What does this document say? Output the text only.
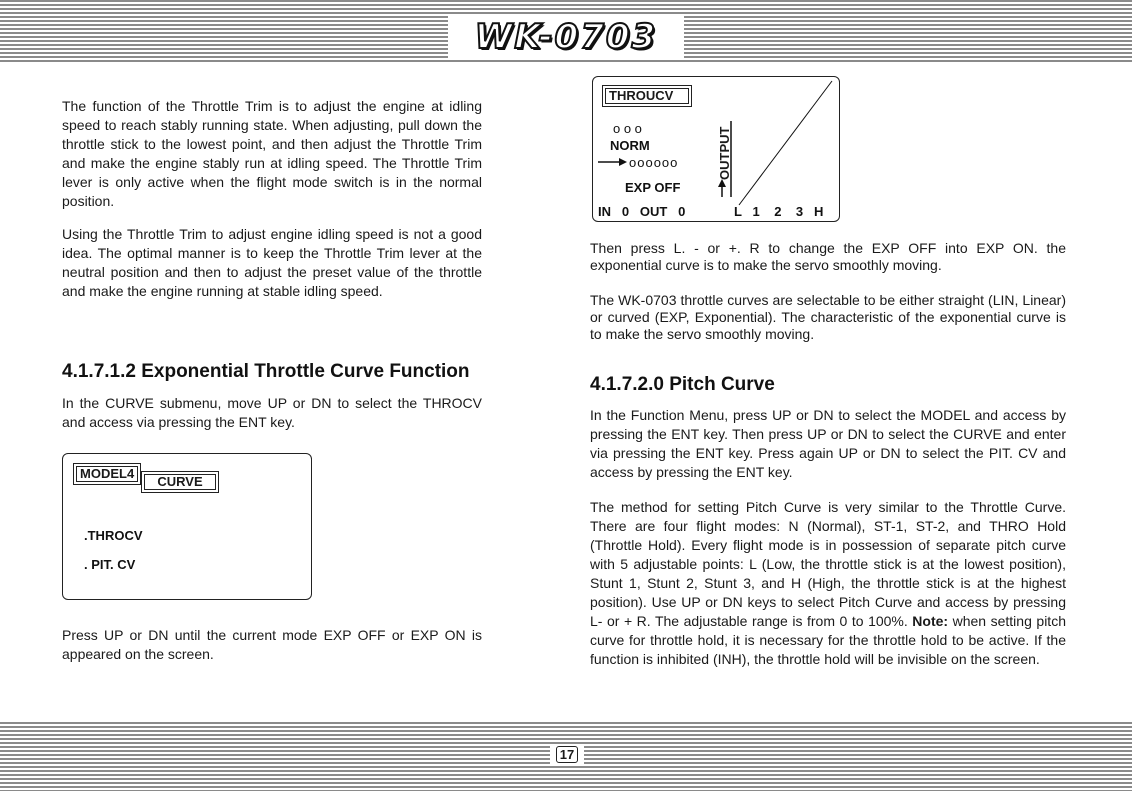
WK-0703
17

The function of the Throttle Trim is to adjust the engine at idling speed to reach stably running state. When adjusting, pull down the throttle stick to the lowest point, and then adjust the Throttle Trim and make the engine stably run at idling speed. The Throttle Trim lever is only active when the flight mode switch is in the normal position.

Using the Throttle Trim to adjust engine idling speed is not a good idea. The optimal manner is to keep the Throttle Trim lever at the neutral position and then to adjust the preset value of the throttle and make the engine running at stable idling speed.

4.1.7.1.2 Exponential Throttle Curve Function

In the CURVE submenu, move UP or DN to select the THROCV and access via pressing the ENT key.

MODEL4
CURVE
.THROCV
. PIT. CV

Press UP or DN until the current mode EXP OFF or EXP ON is appeared on the screen.

THROUCV
o o o
NORM
oooooo
EXP OFF
IN   0   OUT   0
OUTPUT
L   1    2    3   H

Then press L. - or +. R to change the EXP OFF into EXP ON. the exponential curve is to make the servo smoothly moving.

The WK-0703 throttle curves are selectable to be either straight (LIN, Linear) or curved (EXP, Exponential). The characteristic of the exponential curve is to make the servo smoothly moving.

4.1.7.2.0 Pitch Curve

In the Function Menu, press UP or DN to select the MODEL and access by pressing the ENT key. Then press UP or DN to select the CURVE and enter via pressing the ENT key. Press again UP or DN to select the PIT. CV and access by pressing the ENT key.

The method for setting Pitch Curve is very similar to the Throttle Curve. There are four flight modes: N (Normal), ST-1, ST-2, and THRO Hold (Throttle Hold). Every flight mode is in possession of separate pitch curve with 5 adjustable points: L (Low, the throttle stick is at the lowest position), Stunt 1, Stunt 2, Stunt 3, and H (High, the throttle stick is at the highest position). Use UP or DN keys to select Pitch Curve and access by pressing L- or + R. The adjustable range is from 0 to 100%. Note: when setting pitch curve for throttle hold, it is necessary for the throttle hold to be active. If the function is inhibited (INH), the throttle hold will be invisible on the screen.
